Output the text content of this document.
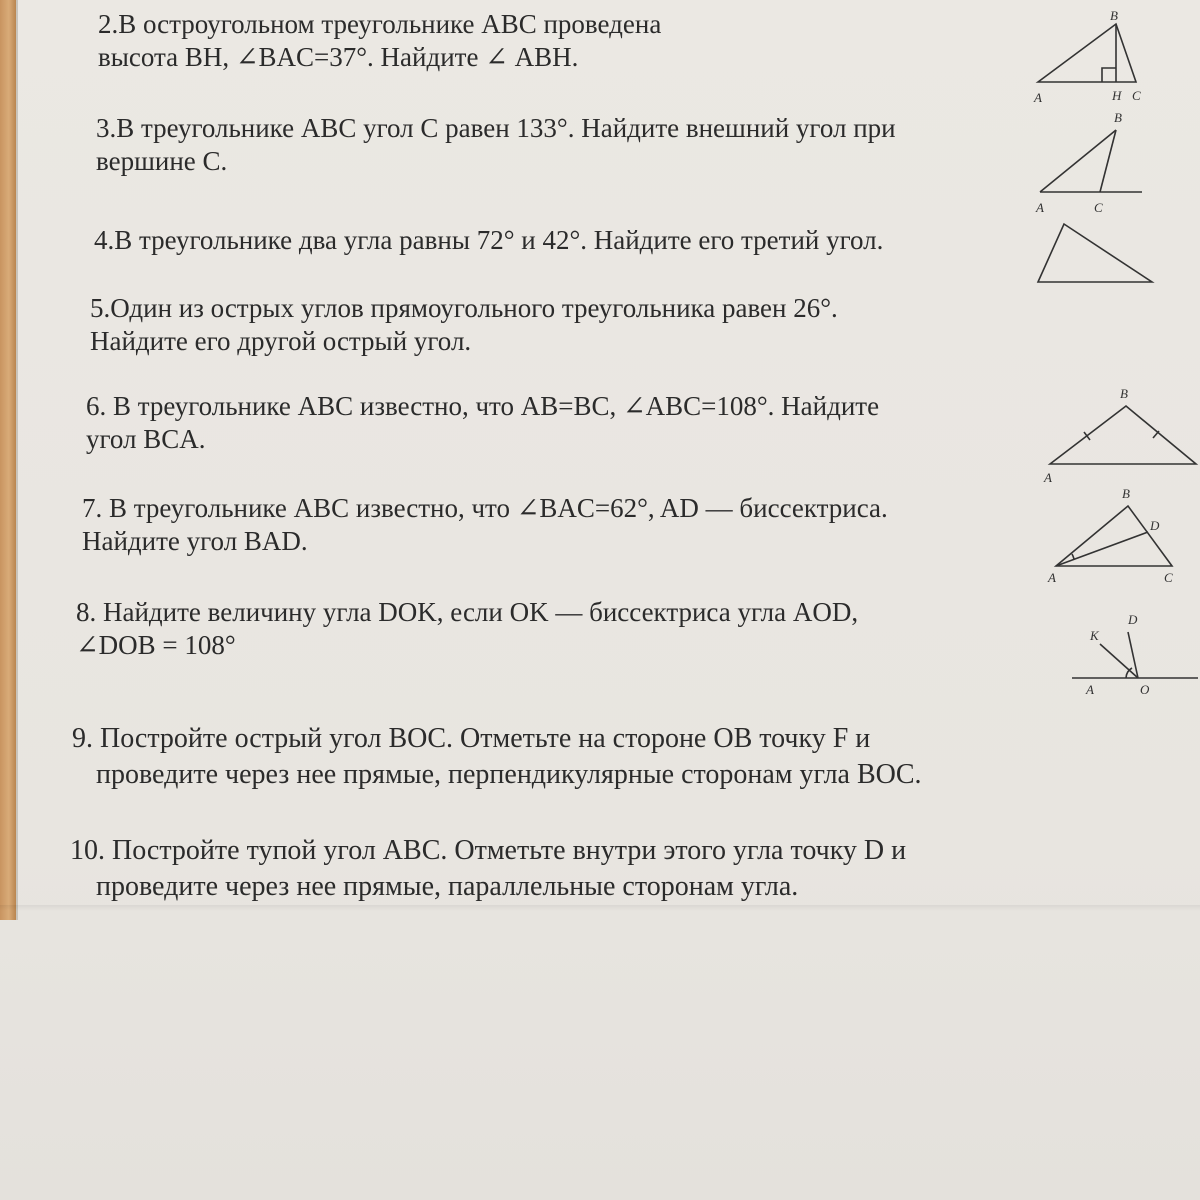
2.В остроугольном треугольнике ABC проведена
высота BH, ∠BAC=37°. Найдите ∠ ABH.
3.В треугольнике ABC угол C равен 133°. Найдите внешний угол при
вершине C.
4.В треугольнике два угла равны 72° и 42°. Найдите его третий угол.
5.Один из острых углов прямоугольного треугольника равен 26°.
Найдите его другой острый угол.
6. В треугольнике ABC известно, что AB=BC, ∠ABC=108°. Найдите
угол BCA.
7. В треугольнике ABC известно, что ∠BAC=62°, AD — биссектриса.
Найдите угол BAD.
8. Найдите величину угла DOK, если OK — биссектриса угла AOD,
∠DOB = 108°
9. Постройте острый угол BOC. Отметьте на стороне OB точку F и
проведите через нее прямые, перпендикулярные сторонам угла BOC.
10. Постройте тупой угол ABC. Отметьте внутри этого угла точку D и
проведите через нее прямые, параллельные сторонам угла.
B
A	H C
B
A	C
B
A
B
D
A	C
D
K
A	O
